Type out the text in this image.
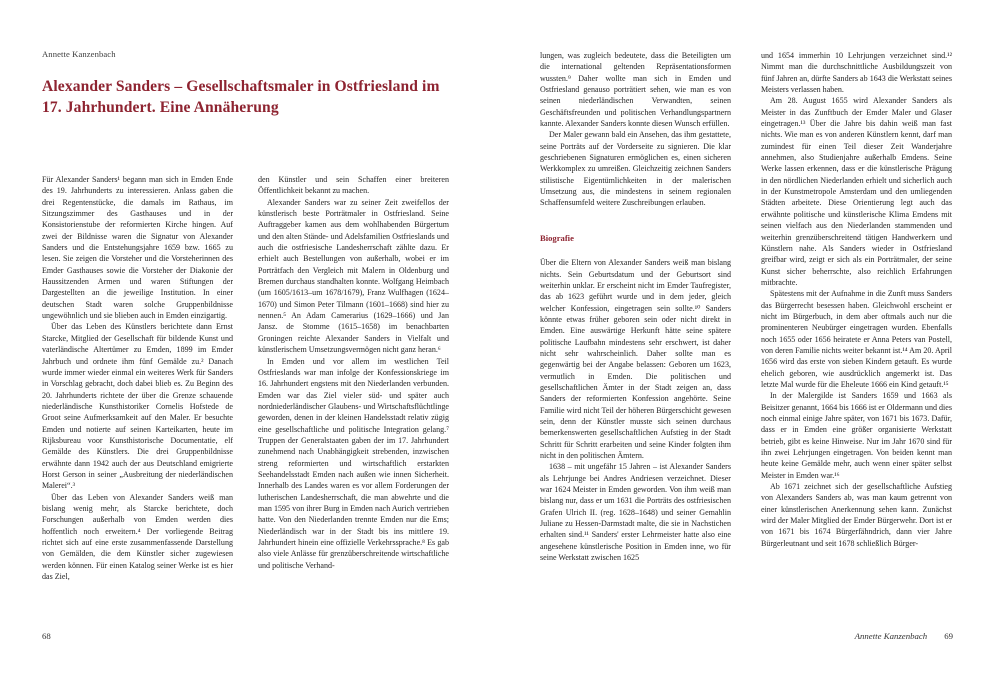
Annette Kanzenbach
Alexander Sanders – Gesellschaftsmaler in Ostfriesland im
17. Jahrhundert. Eine Annäherung

Für Alexander Sanders¹ begann man sich in Emden Ende des 19. Jahrhunderts zu interessieren. Anlass gaben die drei Regentenstücke, die damals im Rathaus, im Sitzungszimmer des Gasthauses und in der Konsistorienstube der reformierten Kirche hingen. Auf zwei der Bildnisse waren die Signatur von Alexander Sanders und die Entstehungsjahre 1659 bzw. 1665 zu lesen. Sie zeigen die Vorsteher und die Vorsteherinnen des Emder Gasthauses sowie die Vorsteher der Diakonie der Haussitzenden Armen und waren Stiftungen der Dargestellten an die jeweilige Institution. In einer deutschen Stadt waren solche Gruppenbildnisse ungewöhnlich und sie blieben auch in Emden einzigartig.

Über das Leben des Künstlers berichtete dann Ernst Starcke, Mitglied der Gesellschaft für bildende Kunst und vaterländische Altertümer zu Emden, 1899 im Emder Jahrbuch und ordnete ihm fünf Gemälde zu.² Danach wurde immer wieder einmal ein weiteres Werk für Sanders in Vorschlag gebracht, doch dabei blieb es. Zu Beginn des 20. Jahrhunderts richtete der über die Grenze schauende niederländische Kunsthistoriker Cornelis Hofstede de Groot seine Aufmerksamkeit auf den Maler. Er besuchte Emden und notierte auf seinen Karteikarten, heute im Rijksbureau voor Kunsthistorische Documentatie, elf Gemälde des Künstlers. Die drei Gruppenbildnisse erwähnte dann 1942 auch der aus Deutschland emigrierte Horst Gerson in seiner „Ausbreitung der niederländischen Malerei“.³

Über das Leben von Alexander Sanders weiß man bislang wenig mehr, als Starcke berichtete, doch Forschungen außerhalb von Emden werden dies hoffentlich noch erweitern.⁴ Der vorliegende Beitrag richtet sich auf eine erste zusammenfassende Darstellung von Gemälden, die dem Künstler sicher zugewiesen werden können. Für einen Katalog seiner Werke ist es hier das Ziel,

den Künstler und sein Schaffen einer breiteren Öffentlichkeit bekannt zu machen.

Alexander Sanders war zu seiner Zeit zweifellos der künstlerisch beste Porträtmaler in Ostfriesland. Seine Auftraggeber kamen aus dem wohlhabenden Bürgertum und den alten Stände- und Adelsfamilien Ostfrieslands und auch die ostfriesische Landesherrschaft zählte dazu. Er erhielt auch Bestellungen von außerhalb, wobei er im Porträtfach den Vergleich mit Malern in Oldenburg und Bremen durchaus standhalten konnte. Wolfgang Heimbach (um 1605/1613–um 1678/1679), Franz Wulfhagen (1624–1670) und Simon Peter Tilmann (1601–1668) sind hier zu nennen.⁵ An Adam Camerarius (1629–1666) und Jan Jansz. de Stomme (1615–1658) im benachbarten Groningen reichte Alexander Sanders in Vielfalt und künstlerischem Umsetzungsvermögen nicht ganz heran.⁶

In Emden und vor allem im westlichen Teil Ostfrieslands war man infolge der Konfessionskriege im 16. Jahrhundert engstens mit den Niederlanden verbunden. Emden war das Ziel vieler süd- und später auch nordniederländischer Glaubens- und Wirtschaftsflüchtlinge geworden, denen in der kleinen Handelsstadt relativ zügig eine gesellschaftliche und politische Integration gelang.⁷ Truppen der Generalstaaten gaben der im 17. Jahrhundert zunehmend nach Unabhängigkeit strebenden, inzwischen streng reformierten und wirtschaftlich erstarkten Seehandelsstadt Emden nach außen wie innen Sicherheit. Innerhalb des Landes waren es vor allem Forderungen der lutherischen Landesherrschaft, die man abwehrte und die man 1595 von ihrer Burg in Emden nach Aurich vertrieben hatte. Von den Niederlanden trennte Emden nur die Ems; Niederländisch war in der Stadt bis ins mittlere 19. Jahrhundert hinein eine offizielle Verkehrssprache.⁸ Es gab also viele Anlässe für grenzüberschreitende wirtschaftliche und politische Verhand-

68

lungen, was zugleich bedeutete, dass die Beteiligten um die international geltenden Repräsentationsformen wussten.⁹ Daher wollte man sich in Emden und Ostfriesland genauso porträtiert sehen, wie man es von seinen niederländischen Verwandten, seinen Geschäftsfreunden und politischen Verhandlungspartnern kannte. Alexander Sanders konnte diesen Wunsch erfüllen.

Der Maler gewann bald ein Ansehen, das ihm gestattete, seine Porträts auf der Vorderseite zu signieren. Die klar geschriebenen Signaturen ermöglichen es, einen sicheren Werkkomplex zu umreißen. Gleichzeitig zeichnen Sanders stilistische Eigentümlichkeiten in der malerischen Umsetzung aus, die mindestens in seinem regionalen Schaffensumfeld weitere Zuschreibungen erlauben.

Biografie

Über die Eltern von Alexander Sanders weiß man bislang nichts. Sein Geburtsdatum und der Geburtsort sind weiterhin unklar. Er erscheint nicht im Emder Taufregister, das ab 1623 geführt wurde und in dem jeder, gleich welcher Konfession, eingetragen sein sollte.¹⁰ Sanders könnte etwas früher geboren sein oder nicht direkt in Emden. Eine auswärtige Herkunft hätte seine spätere politische Laufbahn mindestens sehr erschwert, ist daher nicht sehr wahrscheinlich. Daher sollte man es gegenwärtig bei der Angabe belassen: Geboren um 1623, vermutlich in Emden. Die politischen und gesellschaftlichen Ämter in der Stadt zeigen an, dass Sanders der reformierten Konfession angehörte. Seine Familie wird nicht Teil der höheren Bürgerschicht gewesen sein, denn der Künstler musste sich seinen durchaus bemerkenswerten gesellschaftlichen Aufstieg in der Stadt Schritt für Schritt erarbeiten und seine Kinder folgten ihm nicht in den politischen Ämtern.

1638 – mit ungefähr 15 Jahren – ist Alexander Sanders als Lehrjunge bei Andres Andriesen verzeichnet. Dieser war 1624 Meister in Emden geworden. Von ihm weiß man bislang nur, dass er um 1631 die Porträts des ostfriesischen Grafen Ulrich II. (reg. 1628–1648) und seiner Gemahlin Juliane zu Hessen-Darmstadt malte, die sie in Nachstichen erhalten sind.¹¹ Sanders' erster Lehrmeister hatte also eine angesehene künstlerische Position in Emden inne, wo für seine Werkstatt zwischen 1625

und 1654 immerhin 10 Lehrjungen verzeichnet sind.¹² Nimmt man die durchschnittliche Ausbildungszeit von fünf Jahren an, dürfte Sanders ab 1643 die Werkstatt seines Meisters verlassen haben.

Am 28. August 1655 wird Alexander Sanders als Meister in das Zunftbuch der Emder Maler und Glaser eingetragen.¹³ Über die Jahre bis dahin weiß man fast nichts. Wie man es von anderen Künstlern kennt, darf man zumindest für einen Teil dieser Zeit Wanderjahre annehmen, also Studienjahre außerhalb Emdens. Seine Werke lassen erkennen, dass er die künstlerische Prägung in den nördlichen Niederlanden erhielt und sicherlich auch in der Kunstmetropole Amsterdam und den umliegenden Städten arbeitete. Diese Orientierung legt auch das erwähnte politische und künstlerische Klima Emdens mit seinen vielfach aus den Niederlanden stammenden und weiterhin grenzüberschreitend tätigen Handwerkern und Künstlern nahe. Als Sanders wieder in Ostfriesland greifbar wird, zeigt er sich als ein Porträtmaler, der seine Kunst sicher beherrschte, also reichlich Erfahrungen mitbrachte.

Spätestens mit der Aufnahme in die Zunft muss Sanders das Bürgerrecht besessen haben. Gleichwohl erscheint er nicht im Bürgerbuch, in dem aber oftmals auch nur die prominenteren Neubürger eingetragen wurden. Ebenfalls noch 1655 oder 1656 heiratete er Anna Peters van Postell, von deren Familie nichts weiter bekannt ist.¹⁴ Am 20. April 1656 wird das erste von sieben Kindern getauft. Es wurde ehelich geboren, wie ausdrücklich angemerkt ist. Das letzte Mal wurde für die Eheleute 1666 ein Kind getauft.¹⁵

In der Malergilde ist Sanders 1659 und 1663 als Beisitzer genannt, 1664 bis 1666 ist er Oldermann und dies noch einmal einige Jahre später, von 1671 bis 1673. Dafür, dass er in Emden eine größer organisierte Werkstatt betrieb, gibt es keine Hinweise. Nur im Jahr 1670 sind für ihn zwei Lehrjungen eingetragen. Von beiden kennt man heute keine Gemälde mehr, auch wenn einer später selbst Meister in Emden war.¹⁶

Ab 1671 zeichnet sich der gesellschaftliche Aufstieg von Alexanders Sanders ab, was man kaum getrennt von einer künstlerischen Anerkennung sehen kann. Zunächst wird der Maler Mitglied der Emder Bürgerwehr. Dort ist er von 1671 bis 1674 Bürgerfähndrich, dann vier Jahre Bürgerleutnant und seit 1678 schließlich Bürger-

Annette Kanzenbach 69
